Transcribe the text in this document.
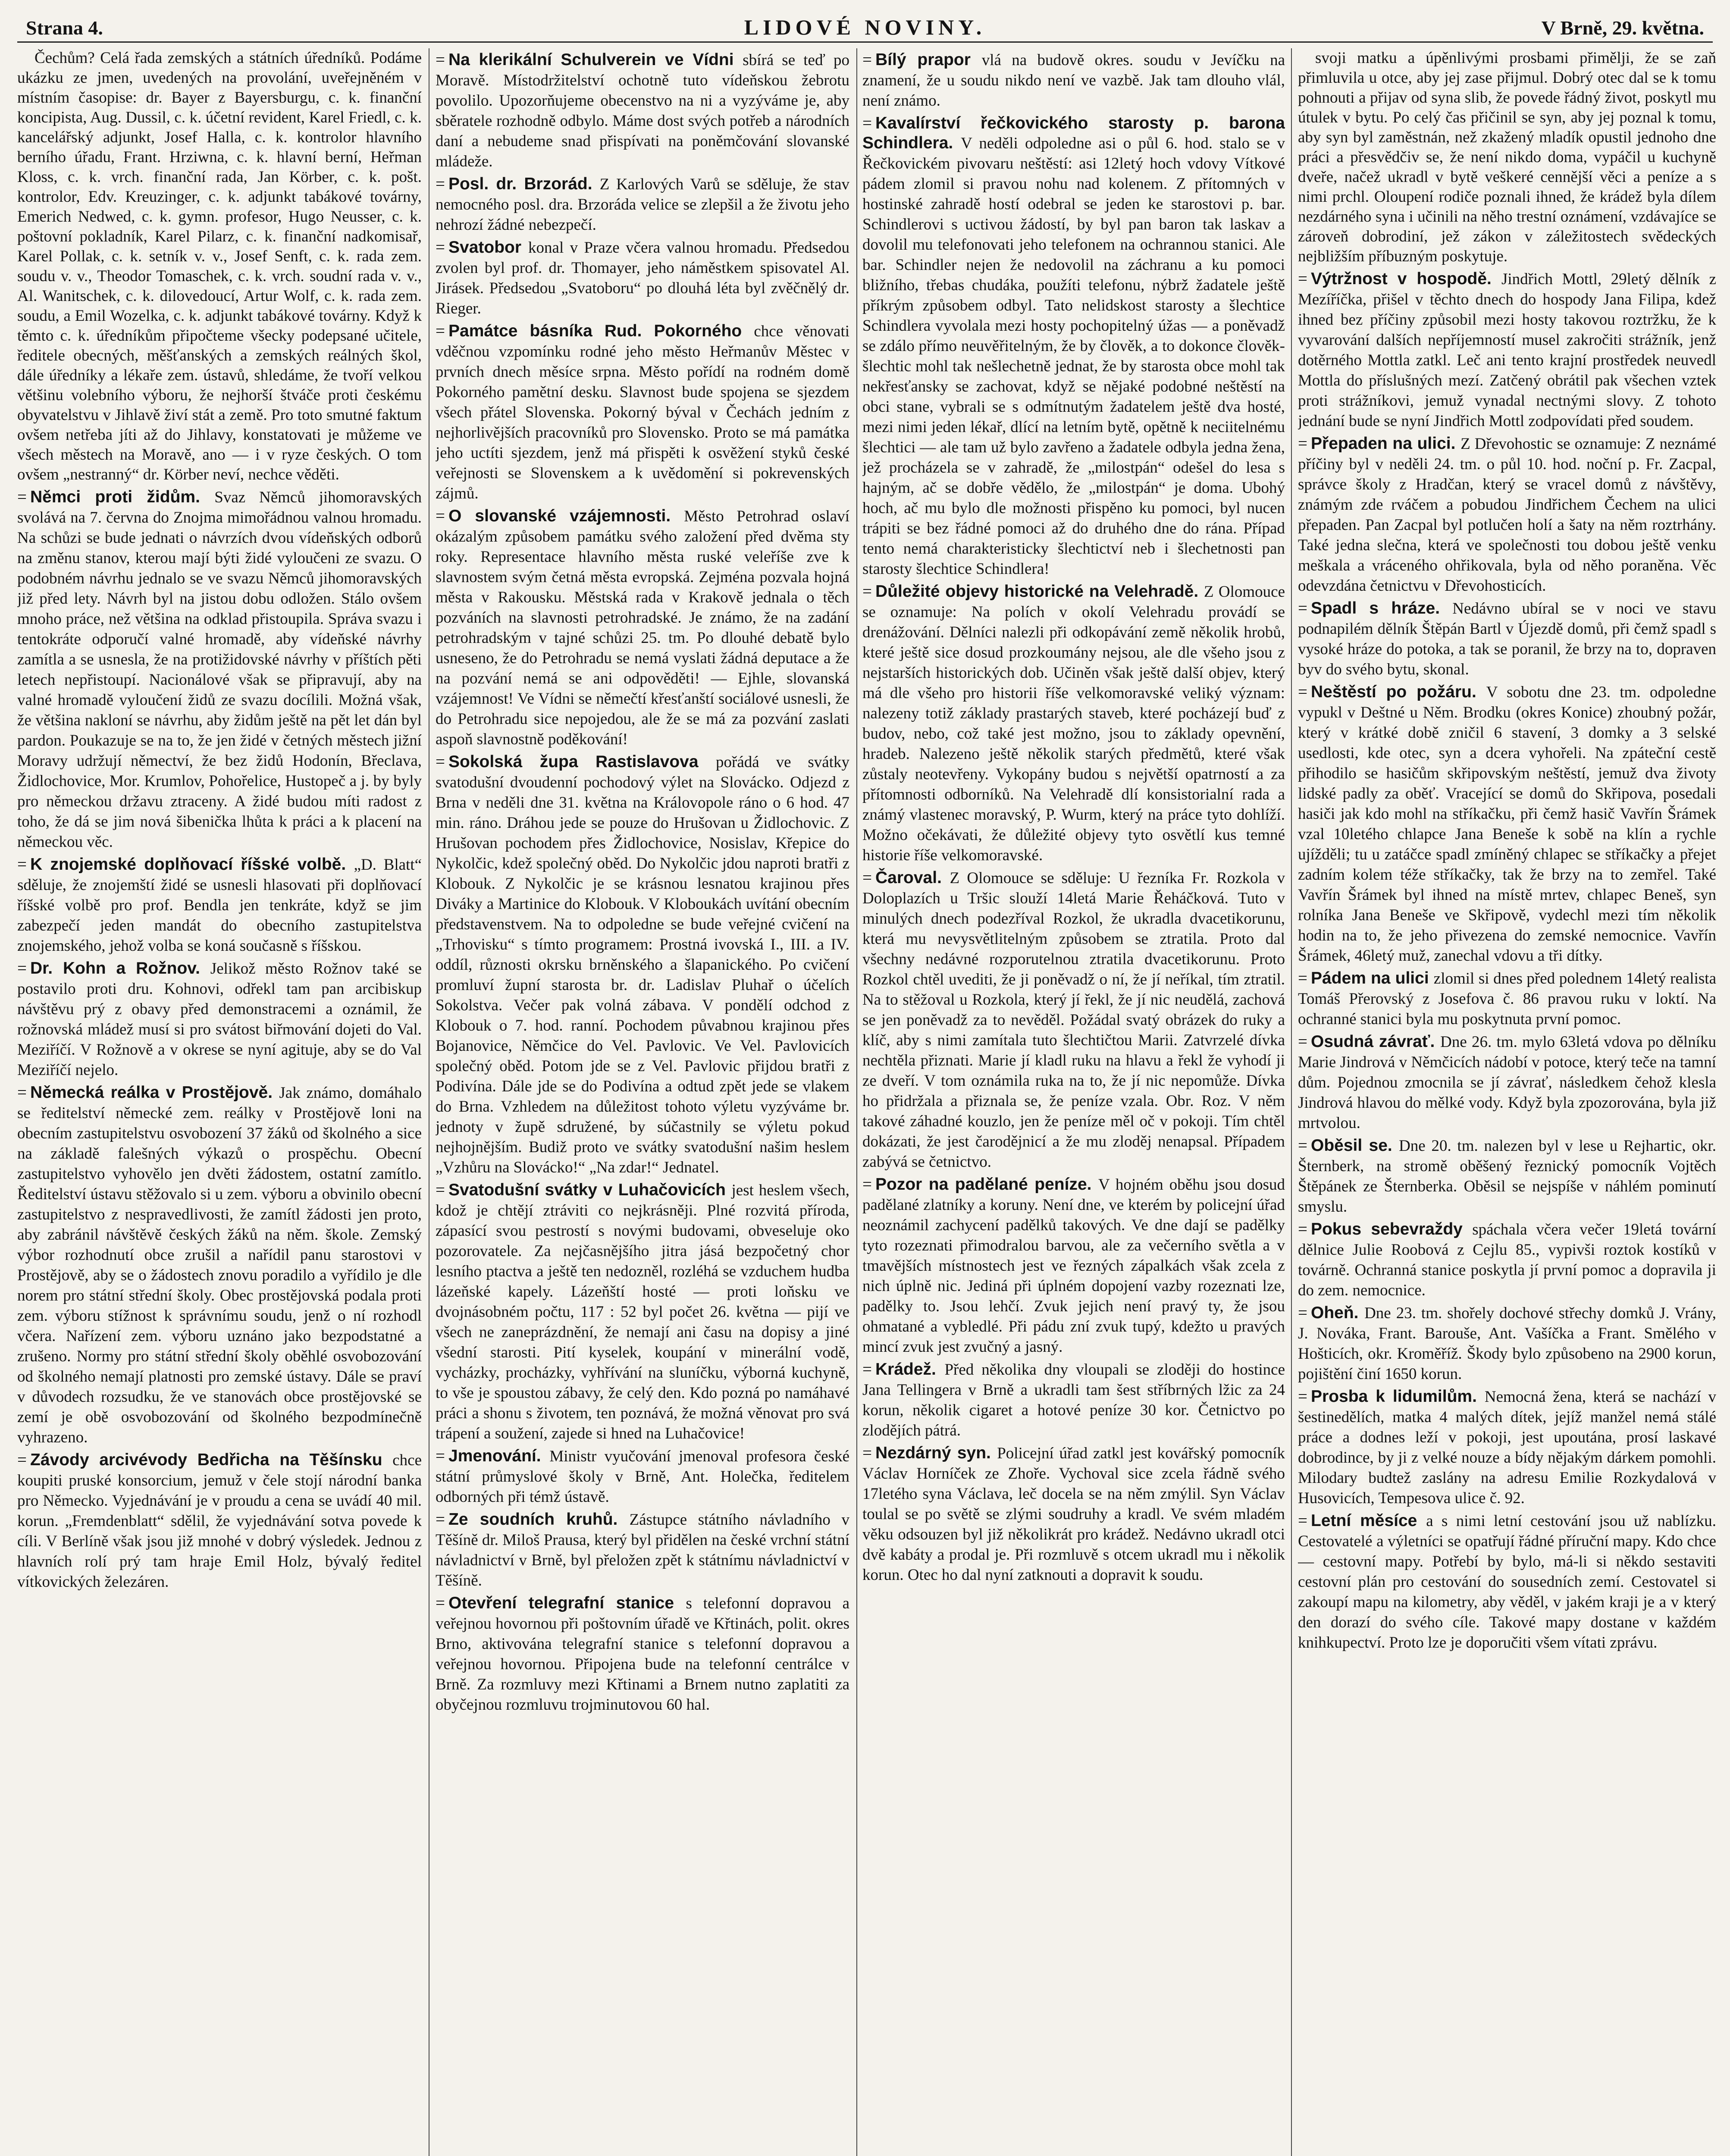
Strana 4.	LIDOVÉ NOVINY.	V Brně, 29. května.

Čechům? Celá řada zemských a státních úředníků. Podáme ukázku ze jmen, uvedených na provolání, uveřejněném v místním časopise: dr. Bayer z Bayersburgu, c. k. finanční koncipista, Aug. Dussil, c. k. účetní revident, Karel Friedl, c. k. kancelářský adjunkt, Josef Halla, c. k. kontrolor hlavního berního úřadu, Frant. Hrziwna, c. k. hlavní berní, Heřman Kloss, c. k. vrch. finanční rada, Jan Körber, c. k. pošt. kontrolor, Edv. Kreuzinger, c. k. adjunkt tabákové továrny, Emerich Nedwed, c. k. gymn. profesor, Hugo Neusser, c. k. poštovní pokladník, Karel Pilarz, c. k. finanční nadkomisař, Karel Pollak, c. k. setník v. v., Josef Senft, c. k. rada zem. soudu v. v., Theodor Tomaschek, c. k. vrch. soudní rada v. v., Al. Wanitschek, c. k. dilovedoucí, Artur Wolf, c. k. rada zem. soudu, a Emil Wozelka, c. k. adjunkt tabákové továrny. Když k těmto c. k. úředníkům připočteme všecky podepsané učitele, ředitele obecných, měšťanských a zemských reálných škol, dále úředníky a lékaře zem. ústavů, shledáme, že tvoří velkou většinu volebního výboru, že nejhorší štváče proti českému obyvatelstvu v Jihlavě živí stát a země. Pro toto smutné faktum ovšem netřeba jíti až do Jihlavy, konstatovati je můžeme ve všech městech na Moravě, ano — i v ryze českých. O tom ovšem „nestranný“ dr. Körber neví, nechce věděti.

= Němci proti židům. Svaz Němců jihomoravských svolává na 7. června do Znojma mimořádnou valnou hromadu. Na schůzi se bude jednati o návrzích dvou vídeňských odborů na změnu stanov, kterou mají býti židé vyloučeni ze svazu. O podobném návrhu jednalo se ve svazu Němců jihomoravských již před lety. Návrh byl na jistou dobu odložen. Stálo ovšem mnoho práce, než většina na odklad přistoupila. Správa svazu i tentokráte odporučí valné hromadě, aby vídeňské návrhy zamítla a se usnesla, že na protižidovské návrhy v příštích pěti letech nepřistoupí. Nacionálové však se připravují, aby na valné hromadě vyloučení židů ze svazu docílili. Možná však, že většina nakloní se návrhu, aby židům ještě na pět let dán byl pardon. Poukazuje se na to, že jen židé v četných městech jižní Moravy udržují němectví, že bez židů Hodonín, Břeclava, Židlochovice, Mor. Krumlov, Pohořelice, Hustopeč a j. by byly pro německou državu ztraceny. A židé budou míti radost z toho, že dá se jim nová šibenička lhůta k práci a k placení na německou věc.

= K znojemské doplňovací říšské volbě. „D. Blatt“ sděluje, že znojemští židé se usnesli hlasovati při doplňovací říšské volbě pro prof. Bendla jen tenkráte, když se jim zabezpečí jeden mandát do obecního zastupitelstva znojemského, jehož volba se koná současně s říšskou.

= Dr. Kohn a Rožnov. Jelikož město Rožnov také se postavilo proti dru. Kohnovi, odřekl tam pan arcibiskup návštěvu prý z obavy před demonstracemi a oznámil, že rožnovská mládež musí si pro svátost biřmování dojeti do Val. Meziříčí. V Rožnově a v okrese se nyní agituje, aby se do Val Meziříčí nejelo.

= Německá reálka v Prostějově. Jak známo, domáhalo se ředitelství německé zem. reálky v Prostějově loni na obecním zastupitelstvu osvobození 37 žáků od školného a sice na základě falešných výkazů o prospěchu. Obecní zastupitelstvo vyhovělo jen dvěti žádostem, ostatní zamítlo. Ředitelství ústavu stěžovalo si u zem. výboru a obvinilo obecní zastupitelstvo z nespravedlivosti, že zamítl žádosti jen proto, aby zabránil návštěvě českých žáků na něm. škole. Zemský výbor rozhodnutí obce zrušil a nařídil panu starostovi v Prostějově, aby se o žádostech znovu poradilo a vyřídilo je dle norem pro státní střední školy. Obec prostějovská podala proti zem. výboru stížnost k správnímu soudu, jenž o ní rozhodl včera. Nařízení zem. výboru uznáno jako bezpodstatné a zrušeno. Normy pro státní střední školy oběhlé osvobozování od školného nemají platnosti pro zemské ústavy. Dále se praví v důvodech rozsudku, že ve stanovách obce prostějovské se zemí je obě osvobozování od školného bezpodmínečně vyhrazeno.

= Závody arcivévody Bedřicha na Těšínsku chce koupiti pruské konsorcium, jemuž v čele stojí národní banka pro Německo. Vyjednávání je v proudu a cena se uvádí 40 mil. korun. „Fremdenblatt“ sdělil, že vyjednávání sotva povede k cíli. V Berlíně však jsou již mnohé v dobrý výsledek. Jednou z hlavních rolí prý tam hraje Emil Holz, bývalý ředitel vítkovických železáren.

= Na klerikální Schulverein ve Vídni sbírá se teď po Moravě. Místodržitelství ochotně tuto vídeňskou žebrotu povolilo. Upozorňujeme obecenstvo na ni a vyzýváme je, aby sběratele rozhodně odbylo. Máme dost svých potřeb a národních daní a nebudeme snad přispívati na poněmčování slovanské mládeže.

= Posl. dr. Brzorád. Z Karlových Varů se sděluje, že stav nemocného posl. dra. Brzoráda velice se zlepšil a že životu jeho nehrozí žádné nebezpečí.

= Svatobor konal v Praze včera valnou hromadu. Předsedou zvolen byl prof. dr. Thomayer, jeho náměstkem spisovatel Al. Jirásek. Předsedou „Svatoboru“ po dlouhá léta byl zvěčnělý dr. Rieger.

= Památce básníka Rud. Pokorného chce věnovati vděčnou vzpomínku rodné jeho město Heřmanův Městec v prvních dnech měsíce srpna. Město pořídí na rodném domě Pokorného pamětní desku. Slavnost bude spojena se sjezdem všech přátel Slovenska. Pokorný býval v Čechách jedním z nejhorlivějších pracovníků pro Slovensko. Proto se má památka jeho uctíti sjezdem, jenž má přispěti k osvěžení styků české veřejnosti se Slovenskem a k uvědomění si pokrevenských zájmů.

= O slovanské vzájemnosti. Město Petrohrad oslaví okázalým způsobem památku svého založení před dvěma sty roky. Representace hlavního města ruské veleříše zve k slavnostem svým četná města evropská. Zejména pozvala hojná města v Rakousku. Městská rada v Krakově jednala o těch pozváních na slavnosti petrohradské. Je známo, že na zadání petrohradským v tajné schůzi 25. tm. Po dlouhé debatě bylo usneseno, že do Petrohradu se nemá vyslati žádná deputace a že na pozvání nemá se ani odpověděti! — Ejhle, slovanská vzájemnost! Ve Vídni se němečtí křesťanští sociálové usnesli, že do Petrohradu sice nepojedou, ale že se má za pozvání zaslati aspoň slavnostně poděkování!

= Sokolská župa Rastislavova pořádá ve svátky svatodušní dvoudenní pochodový výlet na Slovácko. Odjezd z Brna v neděli dne 31. května na Královopole ráno o 6 hod. 47 min. ráno. Dráhou jede se pouze do Hrušovan u Židlochovic. Z Hrušovan pochodem přes Židlochovice, Nosislav, Křepice do Nykolčic, kdež společný oběd. Do Nykolčic jdou naproti bratři z Klobouk. Z Nykolčic je se krásnou lesnatou krajinou přes Diváky a Martinice do Klobouk. V Kloboukách uvítání obecním představenstvem. Na to odpoledne se bude veřejné cvičení na „Trhovisku“ s tímto programem: Prostná ivovská I., III. a IV. oddíl, různosti okrsku brněnského a šlapanického. Po cvičení promluví župní starosta br. dr. Ladislav Pluhař o účelích Sokolstva. Večer pak volná zábava. V pondělí odchod z Klobouk o 7. hod. ranní. Pochodem půvabnou krajinou přes Bojanovice, Němčice do Vel. Pavlovic. Ve Vel. Pavlovicích společný oběd. Potom jde se z Vel. Pavlovic přijdou bratři z Podivína. Dále jde se do Podivína a odtud zpět jede se vlakem do Brna. Vzhledem na důležitost tohoto výletu vyzýváme br. jednoty v župě sdružené, by súčastnily se výletu pokud nejhojnějším. Budiž proto ve svátky svatodušní našim heslem „Vzhůru na Slovácko!“ „Na zdar!“ Jednatel.

= Svatodušní svátky v Luhačovicích jest heslem všech, kdož je chtějí ztráviti co nejkrásněji. Plné rozvitá příroda, zápasící svou pestrostí s novými budovami, obveseluje oko pozorovatele. Za nejčasnějšího jitra jásá bezpočetný chor lesního ptactva a ještě ten nedozněl, rozléhá se vzduchem hudba lázeňské kapely. Lázeňští hosté — proti loňsku ve dvojnásobném počtu, 117 : 52 byl počet 26. května — pijí ve všech ne zaneprázdnění, že nemají ani času na dopisy a jiné všední starosti. Pití kyselek, koupání v minerální vodě, vycházky, procházky, vyhřívání na sluníčku, výborná kuchyně, to vše je spoustou zábavy, že celý den. Kdo pozná po namáhavé práci a shonu s životem, ten poznává, že možná věnovat pro svá trápení a soužení, zajede si hned na Luhačovice!

= Jmenování. Ministr vyučování jmenoval profesora české státní průmyslové školy v Brně, Ant. Holečka, ředitelem odborných při témž ústavě.

= Ze soudních kruhů. Zástupce státního návladního v Těšíně dr. Miloš Prausa, který byl přidělen na české vrchní státní návladnictví v Brně, byl přeložen zpět k státnímu návladnictví v Těšíně.

= Otevření telegrafní stanice s telefonní dopravou a veřejnou hovornou při poštovním úřadě ve Křtinách, polit. okres Brno, aktivována telegrafní stanice s telefonní dopravou a veřejnou hovornou. Připojena bude na telefonní centrálce v Brně. Za rozmluvy mezi Křtinami a Brnem nutno zaplatiti za obyčejnou rozmluvu trojminutovou 60 hal.

= Bílý prapor vlá na budově okres. soudu v Jevíčku na znamení, že u soudu nikdo není ve vazbě. Jak tam dlouho vlál, není známo.

= Kavalírství řečkovického starosty p. barona Schindlera. V neděli odpoledne asi o půl 6. hod. stalo se v Řečkovickém pivovaru neštěstí: asi 12letý hoch vdovy Vítkové pádem zlomil si pravou nohu nad kolenem. Z přítomných v hostinské zahradě hostí odebral se jeden ke starostovi p. bar. Schindlerovi s uctivou žádostí, by byl pan baron tak laskav a dovolil mu telefonovati jeho telefonem na ochrannou stanici. Ale bar. Schindler nejen že nedovolil na záchranu a ku pomoci bližního, třebas chudáka, použíti telefonu, nýbrž žadatele ještě příkrým způsobem odbyl. Tato nelidskost starosty a šlechtice Schindlera vyvolala mezi hosty pochopitelný úžas — a poněvadž se zdálo přímo neuvěřitelným, že by člověk, a to dokonce člověk-šlechtic mohl tak nešlechetně jednat, že by starosta obce mohl tak nekřesťansky se zachovat, když se nějaké podobné neštěstí na obci stane, vybrali se s odmítnutým žadatelem ještě dva hosté, mezi nimi jeden lékař, dlící na letním bytě, opětně k neciitelnému šlechtici — ale tam už bylo zavřeno a žadatele odbyla jedna žena, jež procházela se v zahradě, že „milostpán“ odešel do lesa s hajným, ač se dobře vědělo, že „milostpán“ je doma. Ubohý hoch, ač mu bylo dle možnosti přispěno ku pomoci, byl nucen trápiti se bez řádné pomoci až do druhého dne do rána. Případ tento nemá charakteristicky šlechtictví neb i šlechetnosti pan starosty šlechtice Schindlera!

= Důležité objevy historické na Velehradě. Z Olomouce se oznamuje: Na polích v okolí Velehradu provádí se drenážování. Dělníci nalezli při odkopávání země několik hrobů, které ještě sice dosud prozkoumány nejsou, ale dle všeho jsou z nejstarších historických dob. Učiněn však ještě další objev, který má dle všeho pro historii říše velkomoravské veliký význam: nalezeny totiž základy prastarých staveb, které pocházejí buď z budov, nebo, což také jest možno, jsou to základy opevnění, hradeb. Nalezeno ještě několik starých předmětů, které však zůstaly neotevřeny. Vykopány budou s největší opatrností a za přítomnosti odborníků. Na Velehradě dlí konsistorialní rada a známý vlastenec moravský, P. Wurm, který na práce tyto dohlíží. Možno očekávati, že důležité objevy tyto osvětlí kus temné historie říše velkomoravské.

= Čaroval. Z Olomouce se sděluje: U řezníka Fr. Rozkola v Doloplazích u Tršic slouží 14letá Marie Řeháčková. Tuto v minulých dnech podezříval Rozkol, že ukradla dvacetikorunu, která mu nevysvětlitelným způsobem se ztratila. Proto dal všechny nedávné rozporutelnou ztratila dvacetikorunu. Proto Rozkol chtěl uvediti, že ji poněvadž o ní, že jí neříkal, tím ztratil. Na to stěžoval u Rozkola, který jí řekl, že jí nic neudělá, zachová se jen poněvadž za to nevěděl. Požádal svatý obrázek do ruky a klíč, aby s nimi zamítala tuto šlechtičtou Marii. Zatvrzelé dívka nechtěla přiznati. Marie jí kladl ruku na hlavu a řekl že vyhodí ji ze dveří. V tom oznámila ruka na to, že jí nic nepomůže. Dívka ho přidržala a přiznala se, že peníze vzala. Obr. Roz. V něm takové záhadné kouzlo, jen že peníze měl oč v pokoji. Tím chtěl dokázati, že jest čarodějnicí a že mu zloděj nenapsal. Případem zabývá se četnictvo.

= Pozor na padělané peníze. V hojném oběhu jsou dosud padělané zlatníky a koruny. Není dne, ve kterém by policejní úřad neoznámil zachycení padělků takových. Ve dne dají se padělky tyto rozeznati přimodralou barvou, ale za večerního světla a v tmavějších místnostech jest ve řezných zápalkách však zcela z nich úplně nic. Jediná při úplném dopojení vazby rozeznati lze, padělky to. Jsou lehčí. Zvuk jejich není pravý ty, že jsou ohmatané a vybledlé. Při pádu zní zvuk tupý, kdežto u pravých mincí zvuk jest zvučný a jasný.

= Krádež. Před několika dny vloupali se zloději do hostince Jana Tellingera v Brně a ukradli tam šest stříbrných lžic za 24 korun, několik cigaret a hotové peníze 30 kor. Četnictvo po zlodějích pátrá.

= Nezdárný syn. Policejní úřad zatkl jest kovářský pomocník Václav Horníček ze Zhoře. Vychoval sice zcela řádně svého 17letého syna Václava, leč docela se na něm zmýlil. Syn Václav toulal se po světě se zlými soudruhy a kradl. Ve svém mladém věku odsouzen byl již několikrát pro krádež. Nedávno ukradl otci dvě kabáty a prodal je. Při rozmluvě s otcem ukradl mu i několik korun. Otec ho dal nyní zatknouti a dopravit k soudu.

svoji matku a úpěnlivými prosbami přimělji, že se zaň přimluvila u otce, aby jej zase přijmul. Dobrý otec dal se k tomu pohnouti a přijav od syna slib, že povede řádný život, poskytl mu útulek v bytu. Po celý čas přičinil se syn, aby jej poznal k tomu, aby syn byl zaměstnán, než zkažený mladík opustil jednoho dne práci a přesvědčiv se, že není nikdo doma, vypáčil u kuchyně dveře, načež ukradl v bytě veškeré cennější věci a peníze a s nimi prchl. Oloupení rodiče poznali ihned, že krádež byla dílem nezdárného syna i učinili na něho trestní oznámení, vzdávajíce se zároveň dobrodiní, jež zákon v záležitostech svědeckých nejbližším příbuzným poskytuje.

= Výtržnost v hospodě. Jindřich Mottl, 29letý dělník z Mezíříčka, přišel v těchto dnech do hospody Jana Filipa, kdež ihned bez příčiny způsobil mezi hosty takovou roztržku, že k vyvarování dalších nepříjemností musel zakročiti strážník, jenž dotěrného Mottla zatkl. Leč ani tento krajní prostředek neuvedl Mottla do příslušných mezí. Zatčený obrátil pak všechen vztek proti strážníkovi, jemuž vynadal nectnými slovy. Z tohoto jednání bude se nyní Jindřich Mottl zodpovídati před soudem.

= Přepaden na ulici. Z Dřevohostic se oznamuje: Z neznámé příčiny byl v neděli 24. tm. o půl 10. hod. noční p. Fr. Zacpal, správce školy z Hradčan, který se vracel domů z návštěvy, známým zde rváčem a pobudou Jindřichem Čechem na ulici přepaden. Pan Zacpal byl potlučen holí a šaty na něm roztrhány. Také jedna slečna, která ve společnosti tou dobou ještě venku meškala a vráceného ohřikovala, byla od něho poraněna. Věc odevzdána četnictvu v Dřevohosticích.

= Spadl s hráze. Nedávno ubíral se v noci ve stavu podnapilém dělník Štěpán Bartl v Újezdě domů, při čemž spadl s vysoké hráze do potoka, a tak se poranil, že brzy na to, dopraven byv do svého bytu, skonal.

= Neštěstí po požáru. V sobotu dne 23. tm. odpoledne vypukl v Deštné u Něm. Brodku (okres Konice) zhoubný požár, který v krátké době zničil 6 stavení, 3 domky a 3 selské usedlosti, kde otec, syn a dcera vyhořeli. Na zpáteční cestě přihodilo se hasičům skřipovským neštěstí, jemuž dva životy lidské padly za oběť. Vracející se domů do Skřipova, posedali hasiči jak kdo mohl na stříkačku, při čemž hasič Vavřín Šrámek vzal 10letého chlapce Jana Beneše k sobě na klín a rychle ujížděli; tu u zatáčce spadl zmíněný chlapec se stříkačky a přejet zadním kolem téže stříkačky, tak že brzy na to zemřel. Také Vavřín Šrámek byl ihned na místě mrtev, chlapec Beneš, syn rolníka Jana Beneše ve Skřipově, vydechl mezi tím několik hodin na to, že jeho přivezena do zemské nemocnice. Vavřín Šrámek, 46letý muž, zanechal vdovu a tři dítky.

= Pádem na ulici zlomil si dnes před polednem 14letý realista Tomáš Přerovský z Josefova č. 86 pravou ruku v loktí. Na ochranné stanici byla mu poskytnuta první pomoc.

= Osudná závrať. Dne 26. tm. mylo 63letá vdova po dělníku Marie Jindrová v Němčicích nádobí v potoce, který teče na tamní dům. Pojednou zmocnila se jí závrať, následkem čehož klesla Jindrová hlavou do mělké vody. Když byla zpozorována, byla již mrtvolou.

= Oběsil se. Dne 20. tm. nalezen byl v lese u Rejhartic, okr. Šternberk, na stromě oběšený řeznický pomocník Vojtěch Štěpánek ze Šternberka. Oběsil se nejspíše v náhlém pominutí smyslu.

= Pokus sebevraždy spáchala včera večer 19letá tovární dělnice Julie Roobová z Cejlu 85., vypivši roztok kostíků v továrně. Ochranná stanice poskytla jí první pomoc a dopravila ji do zem. nemocnice.

= Oheň. Dne 23. tm. shořely dochové střechy domků J. Vrány, J. Nováka, Frant. Barouše, Ant. Vašíčka a Frant. Smělého v Hošticích, okr. Kroměříž. Škody bylo způsobeno na 2900 korun, pojištění činí 1650 korun.

= Prosba k lidumilům. Nemocná žena, která se nachází v šestinedělích, matka 4 malých dítek, jejíž manžel nemá stálé práce a dodnes leží v pokoji, jest upoutána, prosí laskavé dobrodince, by ji z velké nouze a bídy nějakým dárkem pomohli. Milodary budtež zaslány na adresu Emilie Rozkydalová v Husovicích, Tempesova ulice č. 92.

= Letní měsíce a s nimi letní cestování jsou už nablízku. Cestovatelé a výletníci se opatřují řádné příruční mapy. Kdo chce — cestovní mapy. Potřebí by bylo, má-li si někdo sestaviti cestovní plán pro cestování do sousedních zemí. Cestovatel si zakoupí mapu na kilometry, aby věděl, v jakém kraji je a v který den dorazí do svého cíle. Takové mapy dostane v každém knihkupectví. Proto lze je doporučiti všem vítati zprávu.
